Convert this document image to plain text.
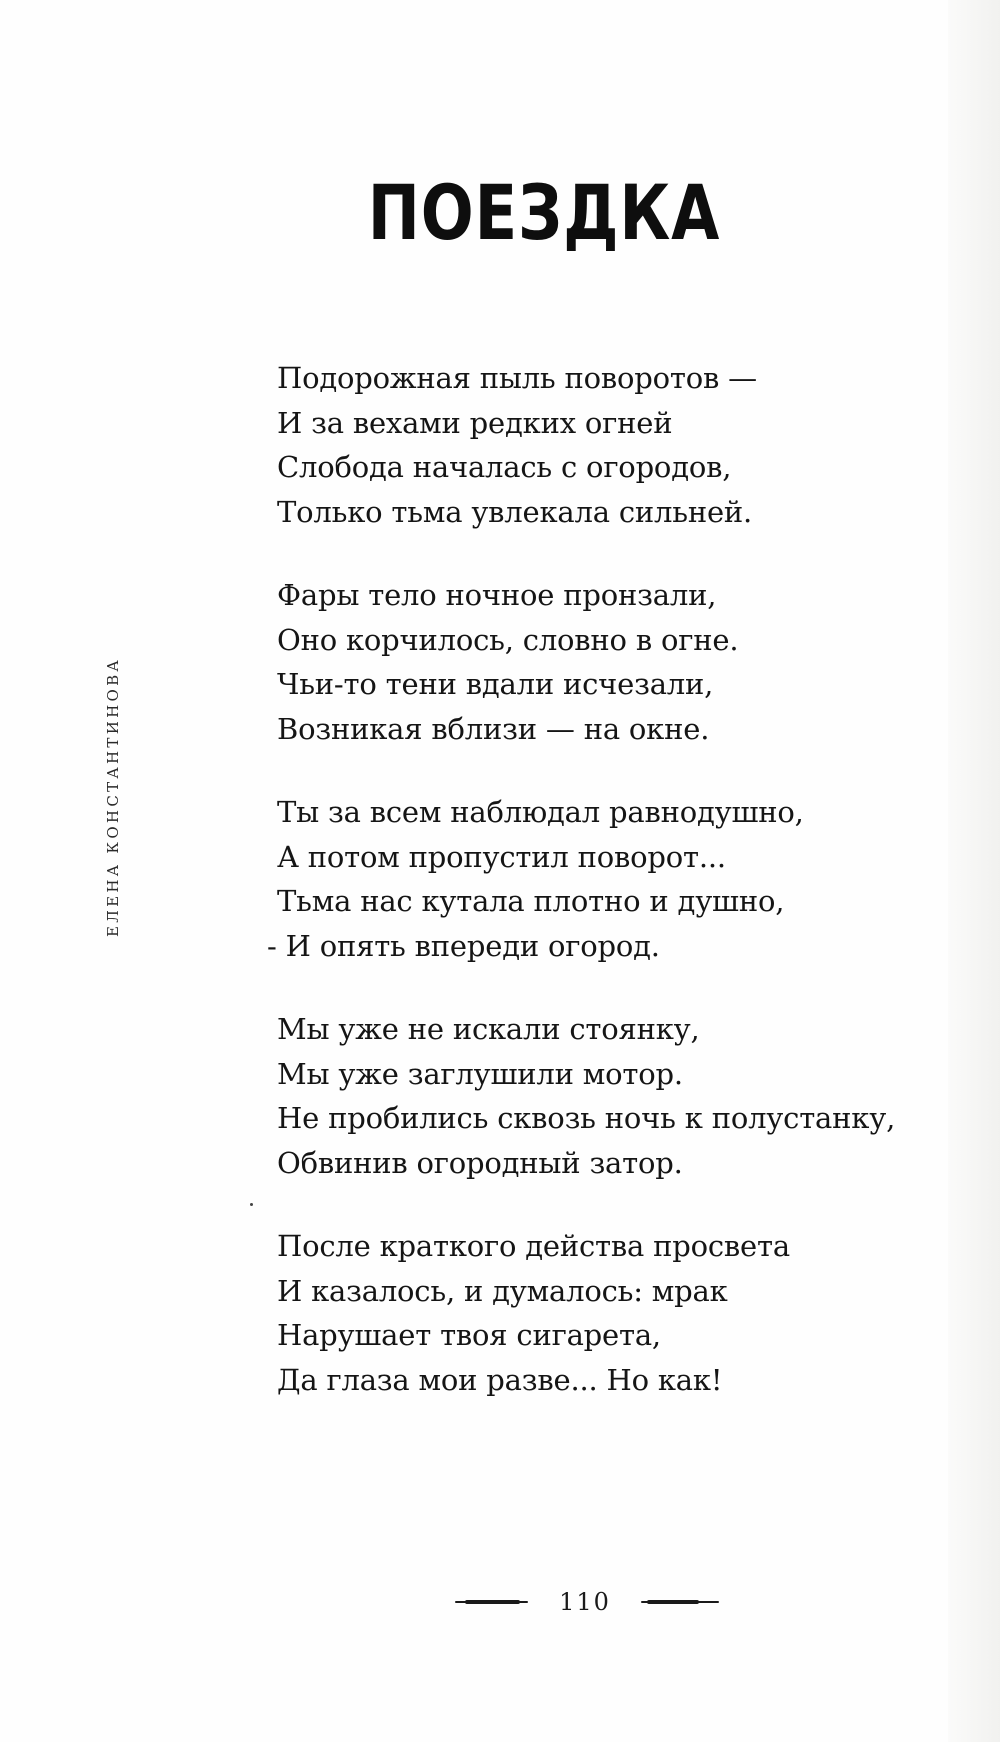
ПОЕЗДКА
ЕЛЕНА КОНСТАНТИНОВА
Подорожная пыль поворотов —
И за вехами редких огней
Слобода началась с огородов,
Только тьма увлекала сильней.
Фары тело ночное пронзали,
Оно корчилось, словно в огне.
Чьи-то тени вдали исчезали,
Возникая вблизи — на окне.
Ты за всем наблюдал равнодушно,
А потом пропустил поворот...
Тьма нас кутала плотно и душно,
- И опять впереди огород.
Мы уже не искали стоянку,
Мы уже заглушили мотор.
Не пробились сквозь ночь к полустанку,
Обвинив огородный затор.
После краткого действа просвета
И казалось, и думалось: мрак
Нарушает твоя сигарета,
Да глаза мои разве... Но как!
110
